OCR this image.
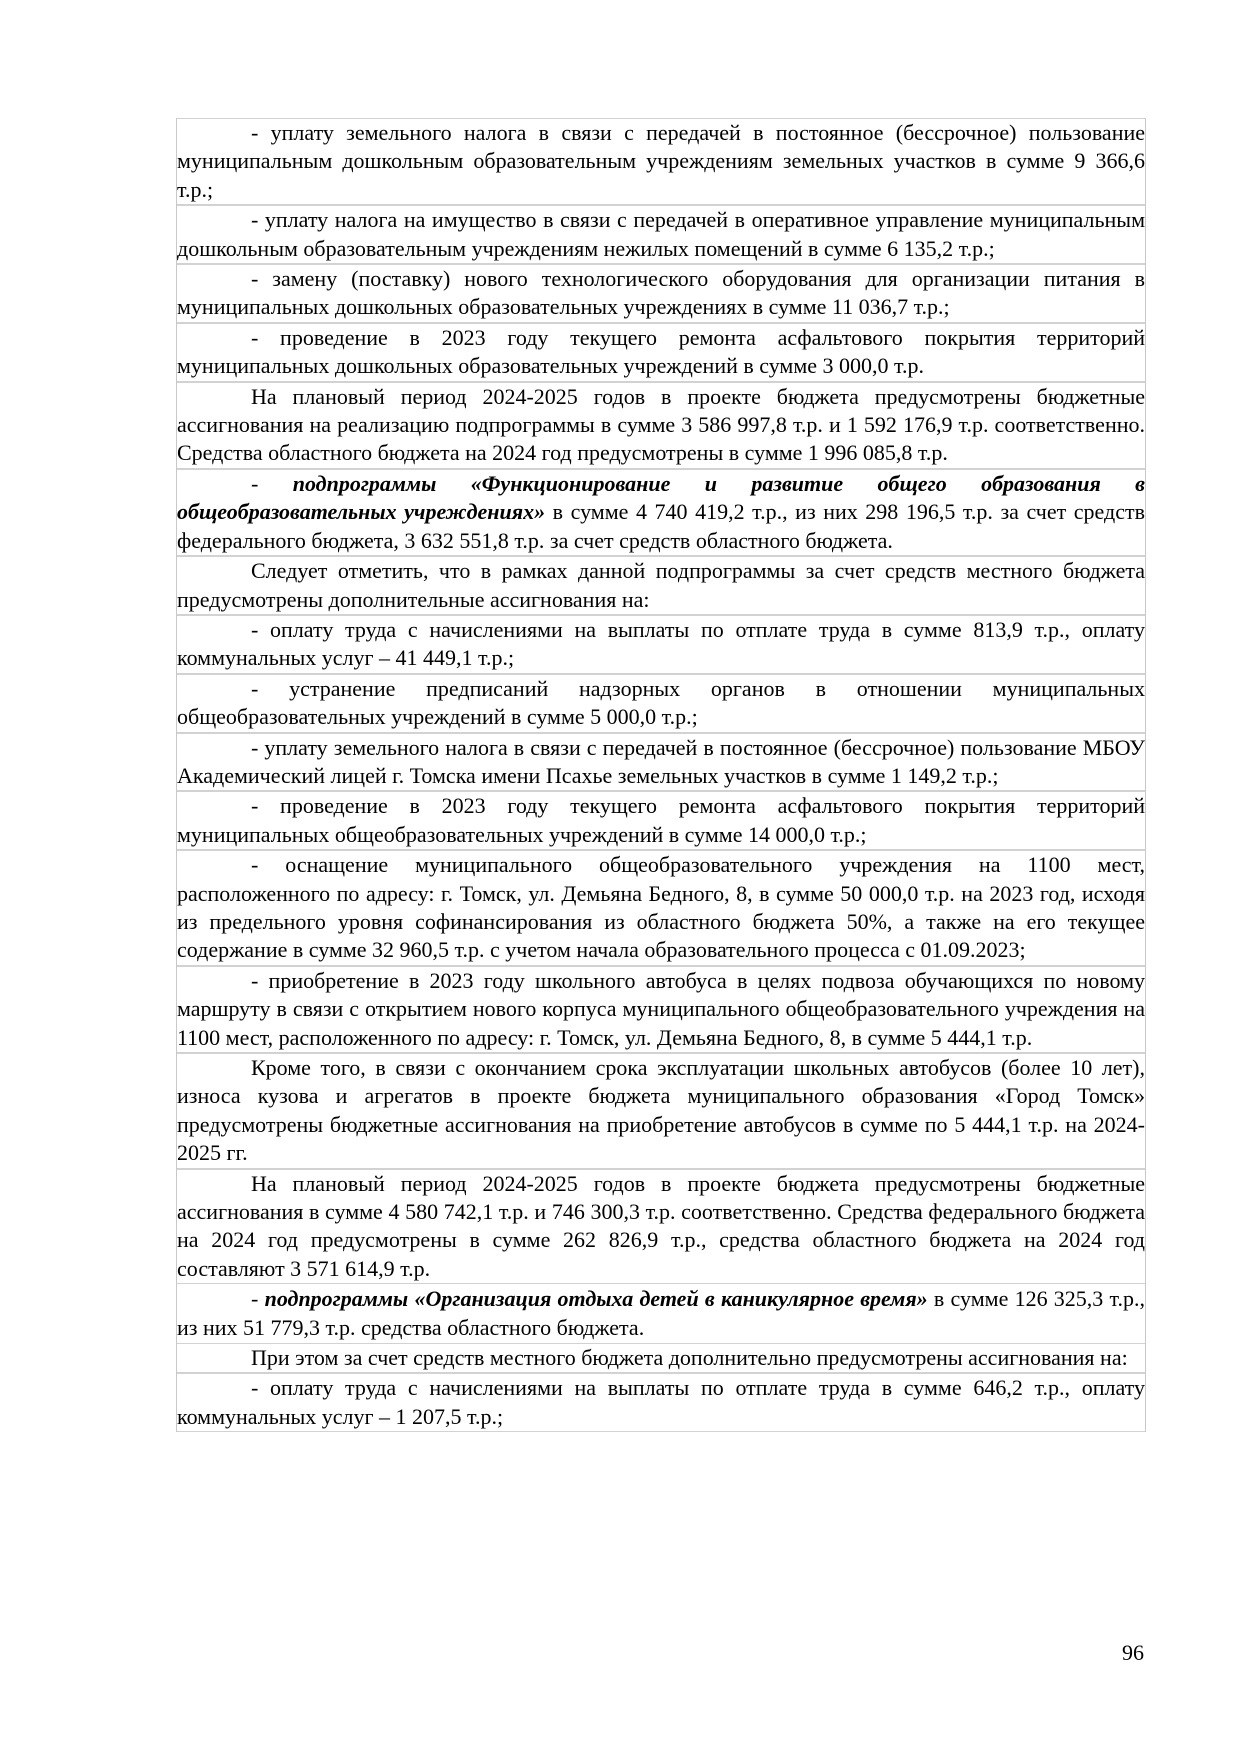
- уплату земельного налога в связи с передачей в постоянное (бессрочное) пользование муниципальным дошкольным образовательным учреждениям земельных участков в сумме 9 366,6 т.р.;

- уплату налога на имущество в связи с передачей в оперативное управление муниципальным дошкольным образовательным учреждениям нежилых помещений в сумме 6 135,2 т.р.;

- замену (поставку) нового технологического оборудования для организации питания в муниципальных дошкольных образовательных учреждениях в сумме 11 036,7 т.р.;

- проведение в 2023 году текущего ремонта асфальтового покрытия территорий муниципальных дошкольных образовательных учреждений в сумме 3 000,0 т.р.

На плановый период 2024-2025 годов в проекте бюджета предусмотрены бюджетные ассигнования на реализацию подпрограммы в сумме 3 586 997,8 т.р. и 1 592 176,9 т.р. соответственно. Средства областного бюджета на 2024 год предусмотрены в сумме 1 996 085,8 т.р.

- подпрограммы «Функционирование и развитие общего образования в общеобразовательных учреждениях» в сумме 4 740 419,2 т.р., из них 298 196,5 т.р. за счет средств федерального бюджета, 3 632 551,8 т.р. за счет средств областного бюджета.

Следует отметить, что в рамках данной подпрограммы за счет средств местного бюджета предусмотрены дополнительные ассигнования на:

- оплату труда с начислениями на выплаты по отплате труда в сумме 813,9 т.р., оплату коммунальных услуг – 41 449,1 т.р.;

- устранение предписаний надзорных органов в отношении муниципальных общеобразовательных учреждений в сумме 5 000,0 т.р.;

- уплату земельного налога в связи с передачей в постоянное (бессрочное) пользование МБОУ Академический лицей г. Томска имени Псахье земельных участков в сумме 1 149,2 т.р.;

- проведение в 2023 году текущего ремонта асфальтового покрытия территорий муниципальных общеобразовательных учреждений в сумме 14 000,0 т.р.;

- оснащение муниципального общеобразовательного учреждения на 1100 мест, расположенного по адресу: г. Томск, ул. Демьяна Бедного, 8, в сумме 50 000,0 т.р. на 2023 год, исходя из предельного уровня софинансирования из областного бюджета 50%, а также на его текущее содержание в сумме 32 960,5 т.р. с учетом начала образовательного процесса с 01.09.2023;

- приобретение в 2023 году школьного автобуса в целях подвоза обучающихся по новому маршруту в связи с открытием нового корпуса муниципального общеобразовательного учреждения на 1100 мест, расположенного по адресу: г. Томск, ул. Демьяна Бедного, 8, в сумме 5 444,1 т.р.

Кроме того, в связи с окончанием срока эксплуатации школьных автобусов (более 10 лет), износа кузова и агрегатов в проекте бюджета муниципального образования «Город Томск» предусмотрены бюджетные ассигнования на приобретение автобусов в сумме по 5 444,1 т.р. на 2024-2025 гг.

На плановый период 2024-2025 годов в проекте бюджета предусмотрены бюджетные ассигнования в сумме 4 580 742,1 т.р. и 746 300,3 т.р. соответственно. Средства федерального бюджета на 2024 год предусмотрены в сумме 262 826,9 т.р., средства областного бюджета на 2024 год составляют 3 571 614,9 т.р.

- подпрограммы «Организация отдыха детей в каникулярное время» в сумме 126 325,3 т.р., из них 51 779,3 т.р. средства областного бюджета.

При этом за счет средств местного бюджета дополнительно предусмотрены ассигнования на:

- оплату труда с начислениями на выплаты по отплате труда в сумме 646,2 т.р., оплату коммунальных услуг – 1 207,5 т.р.;

96
